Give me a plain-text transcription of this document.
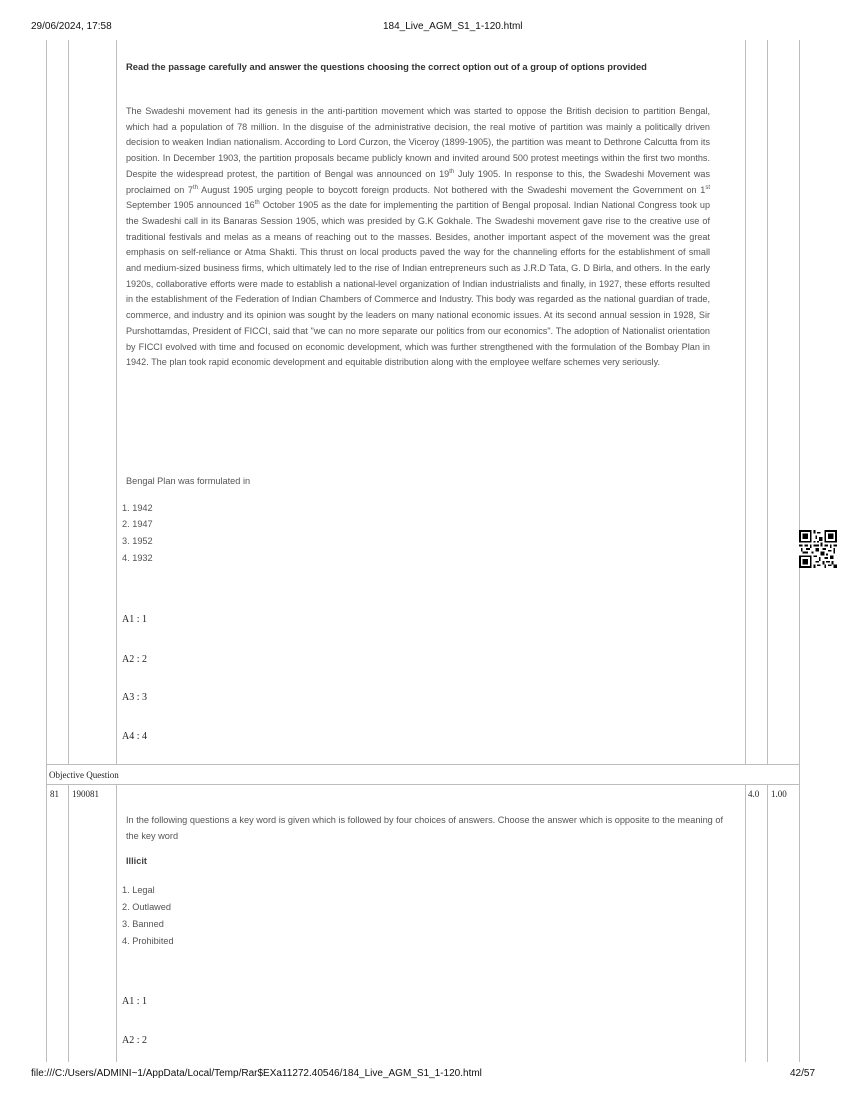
29/06/2024, 17:58	184_Live_AGM_S1_1-120.html
Read the passage carefully and answer the questions choosing the correct option out of a group of options provided
The Swadeshi movement had its genesis in the anti-partition movement which was started to oppose the British decision to partition Bengal, which had a population of 78 million. In the disguise of the administrative decision, the real motive of partition was mainly a politically driven decision to weaken Indian nationalism. According to Lord Curzon, the Viceroy (1899-1905), the partition was meant to Dethrone Calcutta from its position. In December 1903, the partition proposals became publicly known and invited around 500 protest meetings within the first two months. Despite the widespread protest, the partition of Bengal was announced on 19th July 1905. In response to this, the Swadeshi Movement was proclaimed on 7th August 1905 urging people to boycott foreign products. Not bothered with the Swadeshi movement the Government on 1st September 1905 announced 16th October 1905 as the date for implementing the partition of Bengal proposal. Indian National Congress took up the Swadeshi call in its Banaras Session 1905, which was presided by G.K Gokhale. The Swadeshi movement gave rise to the creative use of traditional festivals and melas as a means of reaching out to the masses. Besides, another important aspect of the movement was the great emphasis on self-reliance or Atma Shakti. This thrust on local products paved the way for the channeling efforts for the establishment of small and medium-sized business firms, which ultimately led to the rise of Indian entrepreneurs such as J.R.D Tata, G. D Birla, and others. In the early 1920s, collaborative efforts were made to establish a national-level organization of Indian industrialists and finally, in 1927, these efforts resulted in the establishment of the Federation of Indian Chambers of Commerce and Industry. This body was regarded as the national guardian of trade, commerce, and industry and its opinion was sought by the leaders on many national economic issues. At its second annual session in 1928, Sir Purshottamdas, President of FICCI, said that "we can no more separate our politics from our economics". The adoption of Nationalist orientation by FICCI evolved with time and focused on economic development, which was further strengthened with the formulation of the Bombay Plan in 1942. The plan took rapid economic development and equitable distribution along with the employee welfare schemes very seriously.
Bengal Plan was formulated in
1. 1942
2. 1947
3. 1952
4. 1932
A1 : 1
A2 : 2
A3 : 3
A4 : 4
Objective Question
81 190081	4.0 1.00
In the following questions a key word is given which is followed by four choices of answers. Choose the answer which is opposite to the meaning of the key word
Illicit
1. Legal
2. Outlawed
3. Banned
4. Prohibited
A1 : 1
A2 : 2
file:///C:/Users/ADMINI~1/AppData/Local/Temp/Rar$EXa11272.40546/184_Live_AGM_S1_1-120.html	42/57
